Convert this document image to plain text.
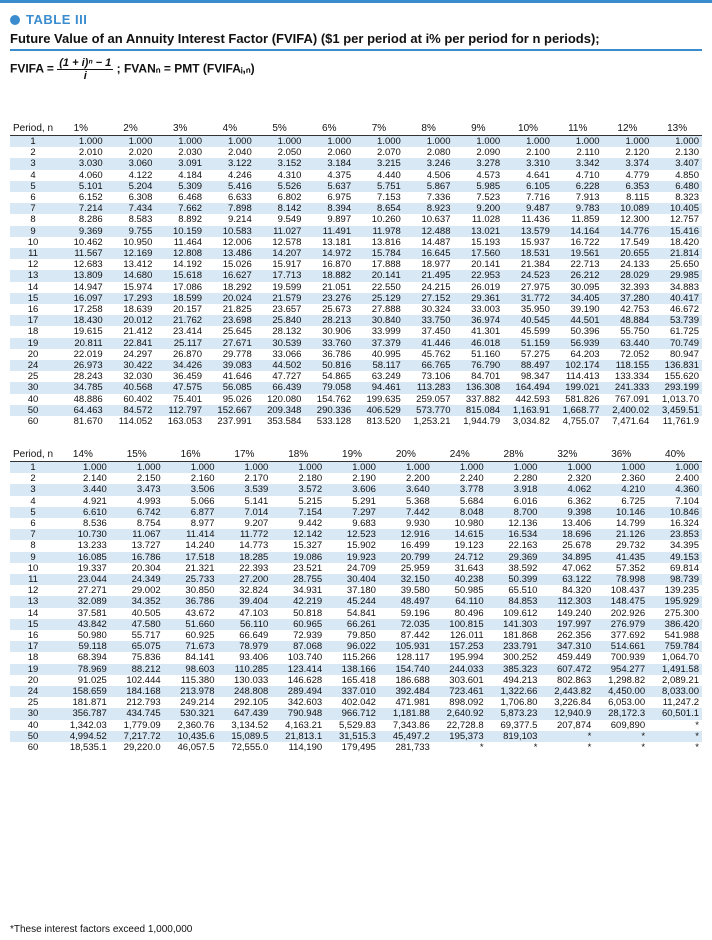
TABLE III
Future Value of an Annuity Interest Factor (FVIFA) ($1 per period at i% per period for n periods);
FVIFA = $\frac{\text{(1 + i)ⁿ − 1}}{i}$ ; FVANₙ = PMT (FVIFAᵢ,ₙ)
Period, n	1%	2%	3%	4%	5%	6%	7%	8%	9%	10%	11%	12%	13%
1	1.000	1.000	1.000	1.000	1.000	1.000	1.000	1.000	1.000	1.000	1.000	1.000	1.000
2	2.010	2.020	2.030	2.040	2.050	2.060	2.070	2.080	2.090	2.100	2.110	2.120	2.130
3	3.030	3.060	3.091	3.122	3.152	3.184	3.215	3.246	3.278	3.310	3.342	3.374	3.407
4	4.060	4.122	4.184	4.246	4.310	4.375	4.440	4.506	4.573	4.641	4.710	4.779	4.850
5	5.101	5.204	5.309	5.416	5.526	5.637	5.751	5.867	5.985	6.105	6.228	6.353	6.480
6	6.152	6.308	6.468	6.633	6.802	6.975	7.153	7.336	7.523	7.716	7.913	8.115	8.323
7	7.214	7.434	7.662	7.898	8.142	8.394	8.654	8.923	9.200	9.487	9.783	10.089	10.405
8	8.286	8.583	8.892	9.214	9.549	9.897	10.260	10.637	11.028	11.436	11.859	12.300	12.757
9	9.369	9.755	10.159	10.583	11.027	11.491	11.978	12.488	13.021	13.579	14.164	14.776	15.416
10	10.462	10.950	11.464	12.006	12.578	13.181	13.816	14.487	15.193	15.937	16.722	17.549	18.420
11	11.567	12.169	12.808	13.486	14.207	14.972	15.784	16.645	17.560	18.531	19.561	20.655	21.814
12	12.683	13.412	14.192	15.026	15.917	16.870	17.888	18.977	20.141	21.384	22.713	24.133	25.650
13	13.809	14.680	15.618	16.627	17.713	18.882	20.141	21.495	22.953	24.523	26.212	28.029	29.985
14	14.947	15.974	17.086	18.292	19.599	21.051	22.550	24.215	26.019	27.975	30.095	32.393	34.883
15	16.097	17.293	18.599	20.024	21.579	23.276	25.129	27.152	29.361	31.772	34.405	37.280	40.417
16	17.258	18.639	20.157	21.825	23.657	25.673	27.888	30.324	33.003	35.950	39.190	42.753	46.672
17	18.430	20.012	21.762	23.698	25.840	28.213	30.840	33.750	36.974	40.545	44.501	48.884	53.739
18	19.615	21.412	23.414	25.645	28.132	30.906	33.999	37.450	41.301	45.599	50.396	55.750	61.725
19	20.811	22.841	25.117	27.671	30.539	33.760	37.379	41.446	46.018	51.159	56.939	63.440	70.749
20	22.019	24.297	26.870	29.778	33.066	36.786	40.995	45.762	51.160	57.275	64.203	72.052	80.947
24	26.973	30.422	34.426	39.083	44.502	50.816	58.117	66.765	76.790	88.497	102.174	118.155	136.831
25	28.243	32.030	36.459	41.646	47.727	54.865	63.249	73.106	84.701	98.347	114.413	133.334	155.620
30	34.785	40.568	47.575	56.085	66.439	79.058	94.461	113.283	136.308	164.494	199.021	241.333	293.199
40	48.886	60.402	75.401	95.026	120.080	154.762	199.635	259.057	337.882	442.593	581.826	767.091	1,013.70
50	64.463	84.572	112.797	152.667	209.348	290.336	406.529	573.770	815.084	1,163.91	1,668.77	2,400.02	3,459.51
60	81.670	114.052	163.053	237.991	353.584	533.128	813.520	1,253.21	1,944.79	3,034.82	4,755.07	7,471.64	11,761.9
Period, n	14%	15%	16%	17%	18%	19%	20%	24%	28%	32%	36%	40%
1	1.000	1.000	1.000	1.000	1.000	1.000	1.000	1.000	1.000	1.000	1.000	1.000
2	2.140	2.150	2.160	2.170	2.180	2.190	2.200	2.240	2.280	2.320	2.360	2.400
3	3.440	3.473	3.506	3.539	3.572	3.606	3.640	3.778	3.918	4.062	4.210	4.360
4	4.921	4.993	5.066	5.141	5.215	5.291	5.368	5.684	6.016	6.362	6.725	7.104
5	6.610	6.742	6.877	7.014	7.154	7.297	7.442	8.048	8.700	9.398	10.146	10.846
6	8.536	8.754	8.977	9.207	9.442	9.683	9.930	10.980	12.136	13.406	14.799	16.324
7	10.730	11.067	11.414	11.772	12.142	12.523	12.916	14.615	16.534	18.696	21.126	23.853
8	13.233	13.727	14.240	14.773	15.327	15.902	16.499	19.123	22.163	25.678	29.732	34.395
9	16.085	16.786	17.518	18.285	19.086	19.923	20.799	24.712	29.369	34.895	41.435	49.153
10	19.337	20.304	21.321	22.393	23.521	24.709	25.959	31.643	38.592	47.062	57.352	69.814
11	23.044	24.349	25.733	27.200	28.755	30.404	32.150	40.238	50.399	63.122	78.998	98.739
12	27.271	29.002	30.850	32.824	34.931	37.180	39.580	50.985	65.510	84.320	108.437	139.235
13	32.089	34.352	36.786	39.404	42.219	45.244	48.497	64.110	84.853	112.303	148.475	195.929
14	37.581	40.505	43.672	47.103	50.818	54.841	59.196	80.496	109.612	149.240	202.926	275.300
15	43.842	47.580	51.660	56.110	60.965	66.261	72.035	100.815	141.303	197.997	276.979	386.420
16	50.980	55.717	60.925	66.649	72.939	79.850	87.442	126.011	181.868	262.356	377.692	541.988
17	59.118	65.075	71.673	78.979	87.068	96.022	105.931	157.253	233.791	347.310	514.661	759.784
18	68.394	75.836	84.141	93.406	103.740	115.266	128.117	195.994	300.252	459.449	700.939	1,064.70
19	78.969	88.212	98.603	110.285	123.414	138.166	154.740	244.033	385.323	607.472	954.277	1,491.58
20	91.025	102.444	115.380	130.033	146.628	165.418	186.688	303.601	494.213	802.863	1,298.82	2,089.21
24	158.659	184.168	213.978	248.808	289.494	337.010	392.484	723.461	1,322.66	2,443.82	4,450.00	8,033.00
25	181.871	212.793	249.214	292.105	342.603	402.042	471.981	898.092	1,706.80	3,226.84	6,053.00	11,247.2
30	356.787	434.745	530.321	647.439	790.948	966.712	1,181.88	2,640.92	5,873.23	12,940.9	28,172.3	60,501.1
40	1,342.03	1,779.09	2,360.76	3,134.52	4,163.21	5,529.83	7,343.86	22,728.8	69,377.5	207,874	609,890	*
50	4,994.52	7,217.72	10,435.6	15,089.5	21,813.1	31,515.3	45,497.2	195,373	819,103	*	*	*
60	18,535.1	29,220.0	46,057.5	72,555.0	114,190	179,495	281,733	*	*	*	*	*
*These interest factors exceed 1,000,000
